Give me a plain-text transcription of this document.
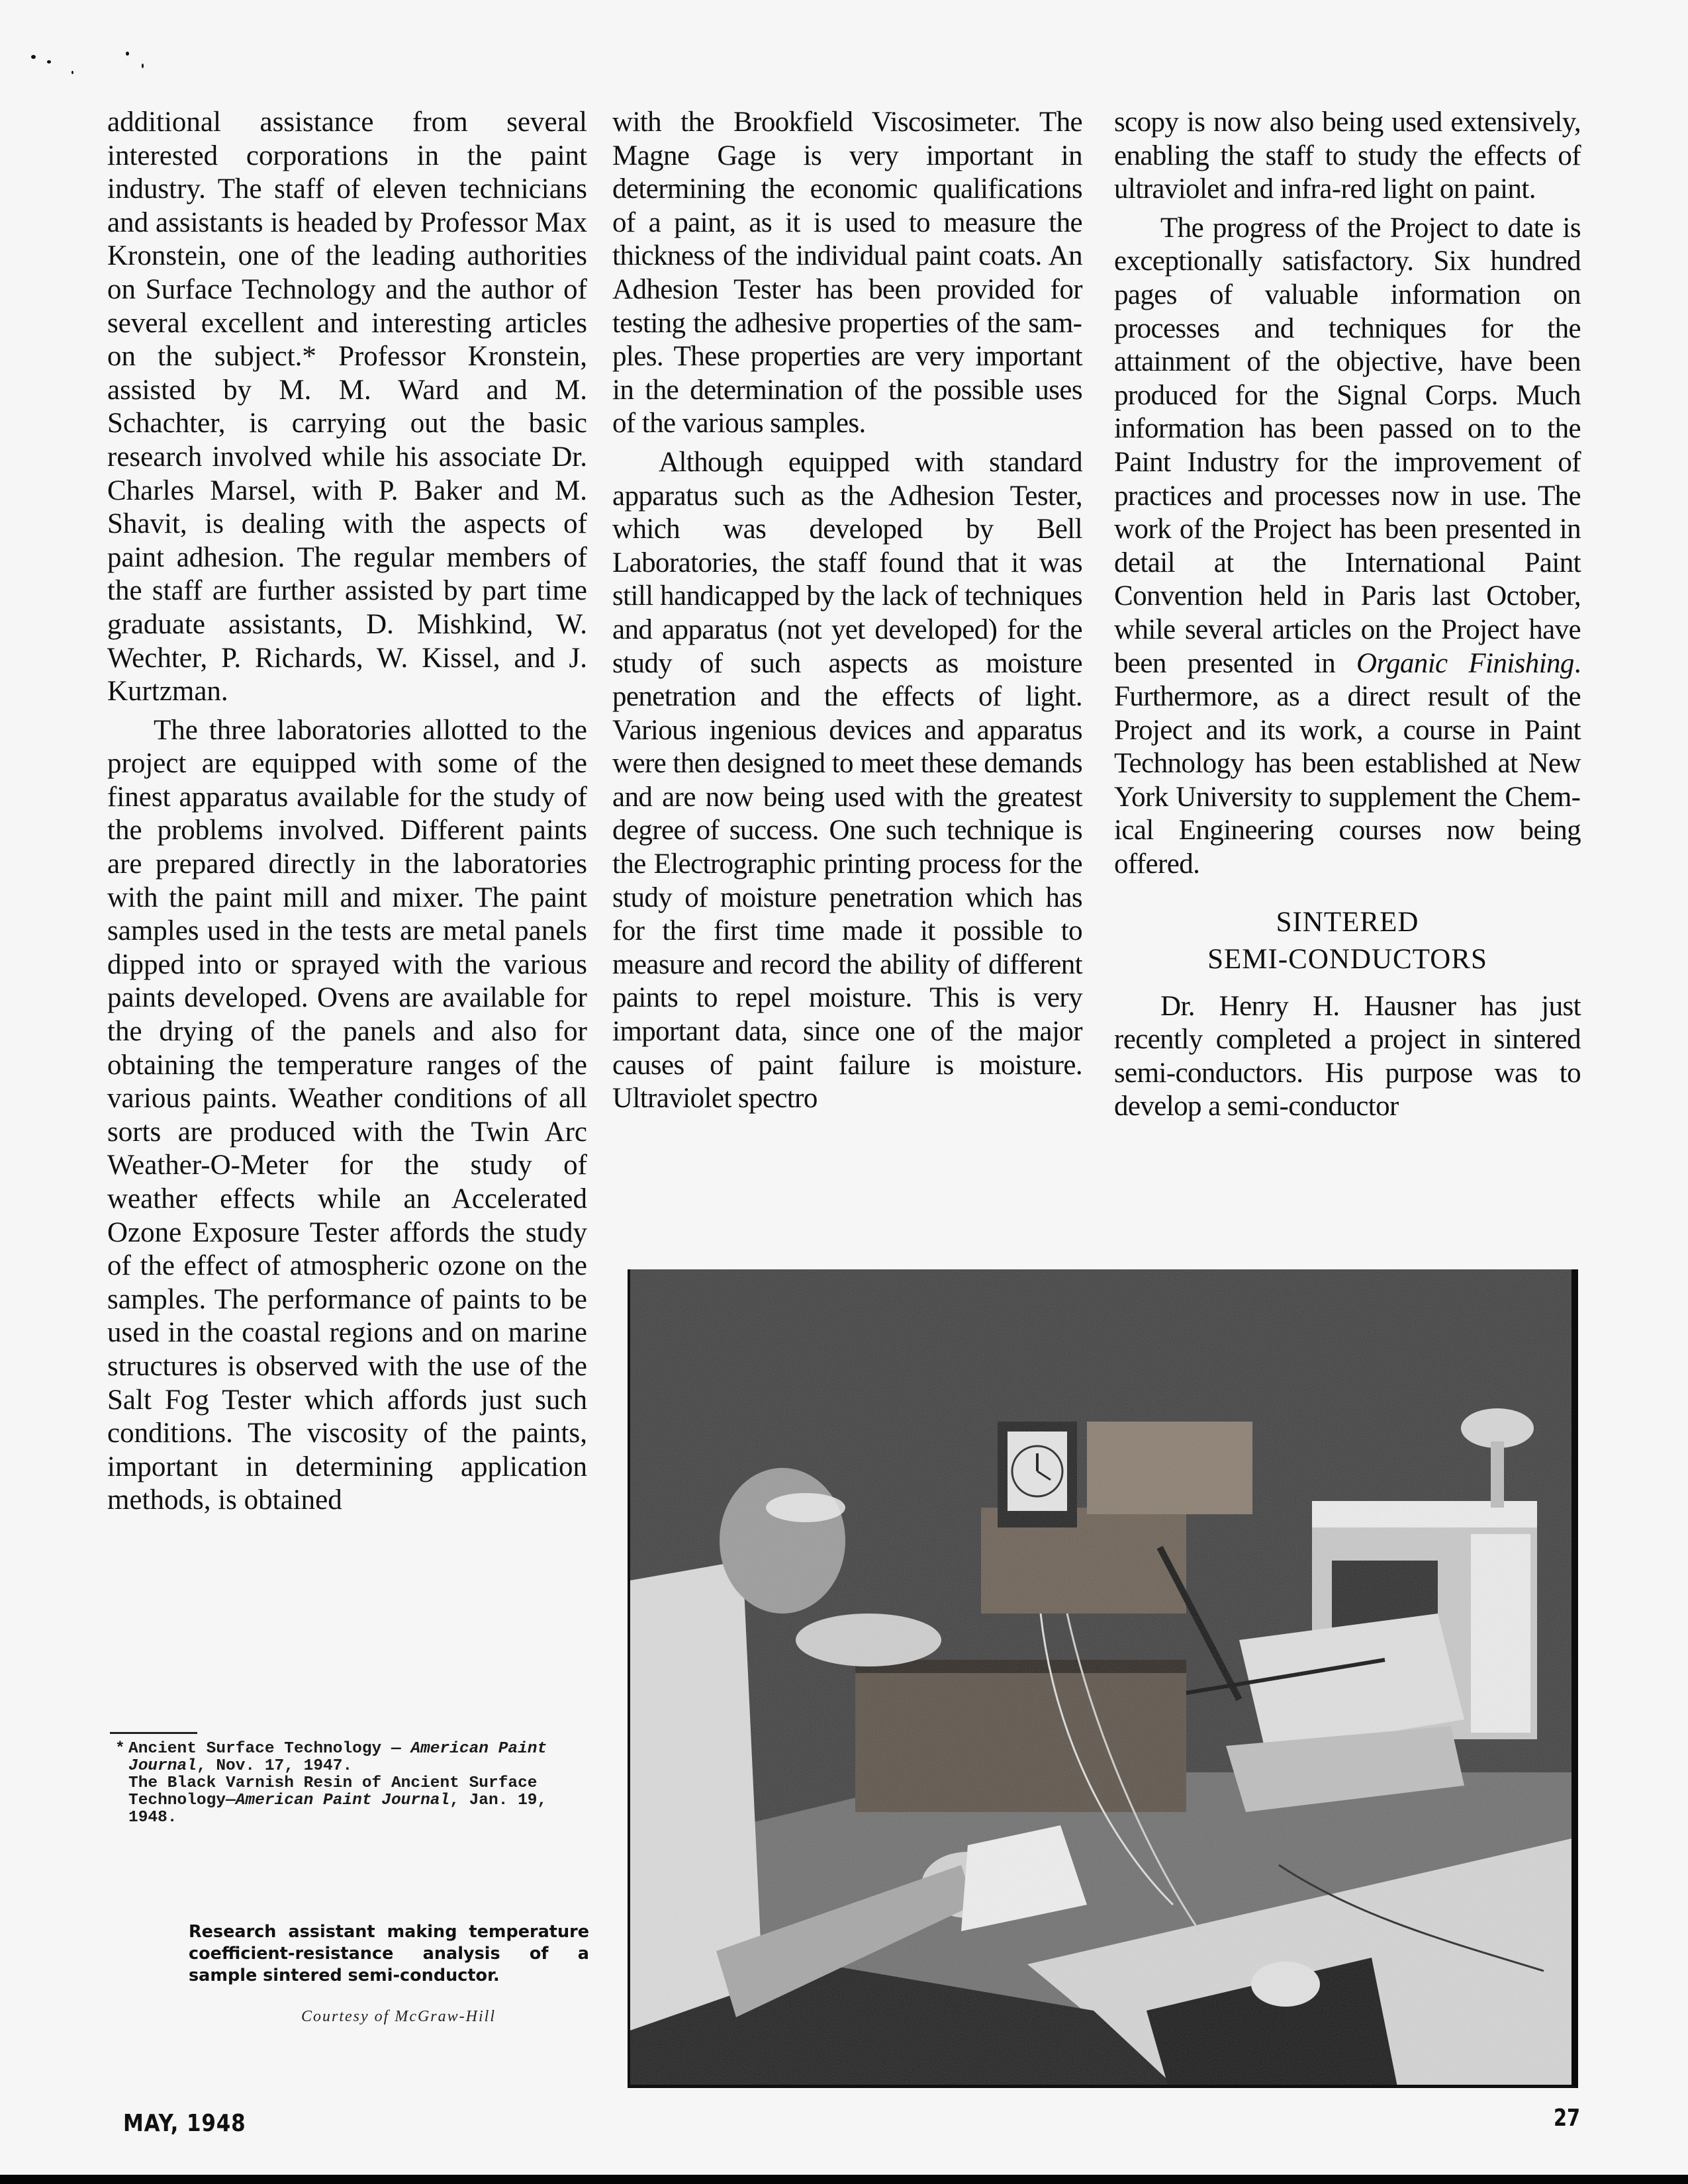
additional assistance from several interested corporations in the paint industry. The staff of eleven technicians and assistants is headed by Professor Max Kronstein, one of the leading authorities on Surface Technology and the author of several excellent and interesting articles on the subject.* Professor Kronstein, assisted by M. M. Ward and M. Schachter, is carrying out the basic research involved while his associate Dr. Charles Marsel, with P. Baker and M. Shavit, is dealing with the aspects of paint adhesion. The regular members of the staff are further assisted by part time graduate assistants, D. Mishkind, W. Wechter, P. Richards, W. Kissel, and J. Kurtzman.

The three laboratories allotted to the project are equipped with some of the finest apparatus available for the study of the problems involved. Different paints are prepared directly in the laboratories with the paint mill and mixer. The paint samples used in the tests are metal panels dipped into or sprayed with the various paints developed. Ovens are available for the drying of the panels and also for obtaining the temperature ranges of the various paints. Weather conditions of all sorts are produced with the Twin Arc Weather-O-Meter for the study of weather effects while an Accelerated Ozone Exposure Tester affords the study of the effect of atmospheric ozone on the samples. The performance of paints to be used in the coastal regions and on marine structures is observed with the use of the Salt Fog Tester which affords just such conditions. The viscosity of the paints, important in determining application methods, is obtained

with the Brookfield Viscosimeter. The Magne Gage is very important in determining the economic qualifications of a paint, as it is used to measure the thickness of the individual paint coats. An Adhesion Tester has been provided for testing the adhesive properties of the samples. These properties are very important in the determination of the possible uses of the various samples.

Although equipped with standard apparatus such as the Adhesion Tester, which was developed by Bell Laboratories, the staff found that it was still handicapped by the lack of techniques and apparatus (not yet developed) for the study of such aspects as moisture penetration and the effects of light. Various ingenious devices and apparatus were then designed to meet these demands and are now being used with the greatest degree of success. One such technique is the Electrographic printing process for the study of moisture penetration which has for the first time made it possible to measure and record the ability of different paints to repel moisture. This is very important data, since one of the major causes of paint failure is moisture. Ultraviolet spectro

scopy is now also being used extensively, enabling the staff to study the effects of ultraviolet and infra-red light on paint.

The progress of the Project to date is exceptionally satisfactory. Six hundred pages of valuable information on processes and techniques for the attainment of the objective, have been produced for the Signal Corps. Much information has been passed on to the Paint Industry for the improvement of practices and processes now in use. The work of the Project has been presented in detail at the International Paint Convention held in Paris last October, while several articles on the Project have been presented in Organic Finishing. Furthermore, as a direct result of the Project and its work, a course in Paint Technology has been established at New York University to supplement the Chemical Engineering courses now being offered.

SINTERED
SEMI-CONDUCTORS

Dr. Henry H. Hausner has just recently completed a project in sintered semi-conductors. His purpose was to develop a semi-conductor

* Ancient Surface Technology — American Paint Journal, Nov. 17, 1947.
The Black Varnish Resin of Ancient Surface Technology—American Paint Journal, Jan. 19, 1948.
Research assistant making temperature coefficient-resistance analysis of a sample sintered semi-conductor.
Courtesy of McGraw-Hill
MAY, 1948	27
